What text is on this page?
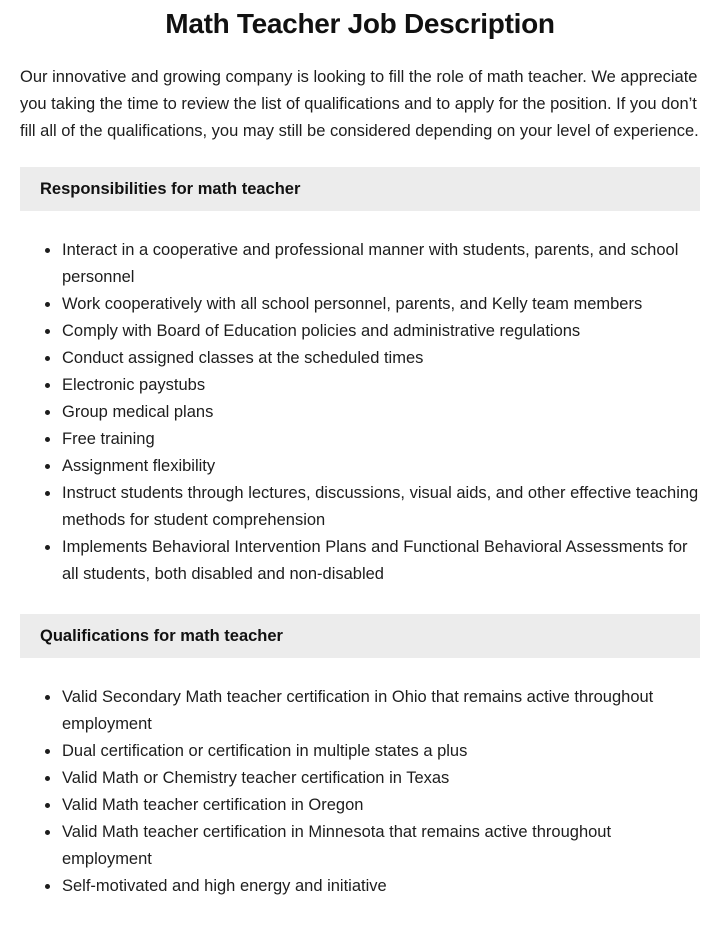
Math Teacher Job Description

Our innovative and growing company is looking to fill the role of math teacher. We appreciate you taking the time to review the list of qualifications and to apply for the position. If you don’t fill all of the qualifications, you may still be considered depending on your level of experience.

Responsibilities for math teacher
Interact in a cooperative and professional manner with students, parents, and school personnel
Work cooperatively with all school personnel, parents, and Kelly team members
Comply with Board of Education policies and administrative regulations
Conduct assigned classes at the scheduled times
Electronic paystubs
Group medical plans
Free training
Assignment flexibility
Instruct students through lectures, discussions, visual aids, and other effective teaching methods for student comprehension
Implements Behavioral Intervention Plans and Functional Behavioral Assessments for all students, both disabled and non-disabled
Qualifications for math teacher
Valid Secondary Math teacher certification in Ohio that remains active throughout employment
Dual certification or certification in multiple states a plus
Valid Math or Chemistry teacher certification in Texas
Valid Math teacher certification in Oregon
Valid Math teacher certification in Minnesota that remains active throughout employment
Self-motivated and high energy and initiative
